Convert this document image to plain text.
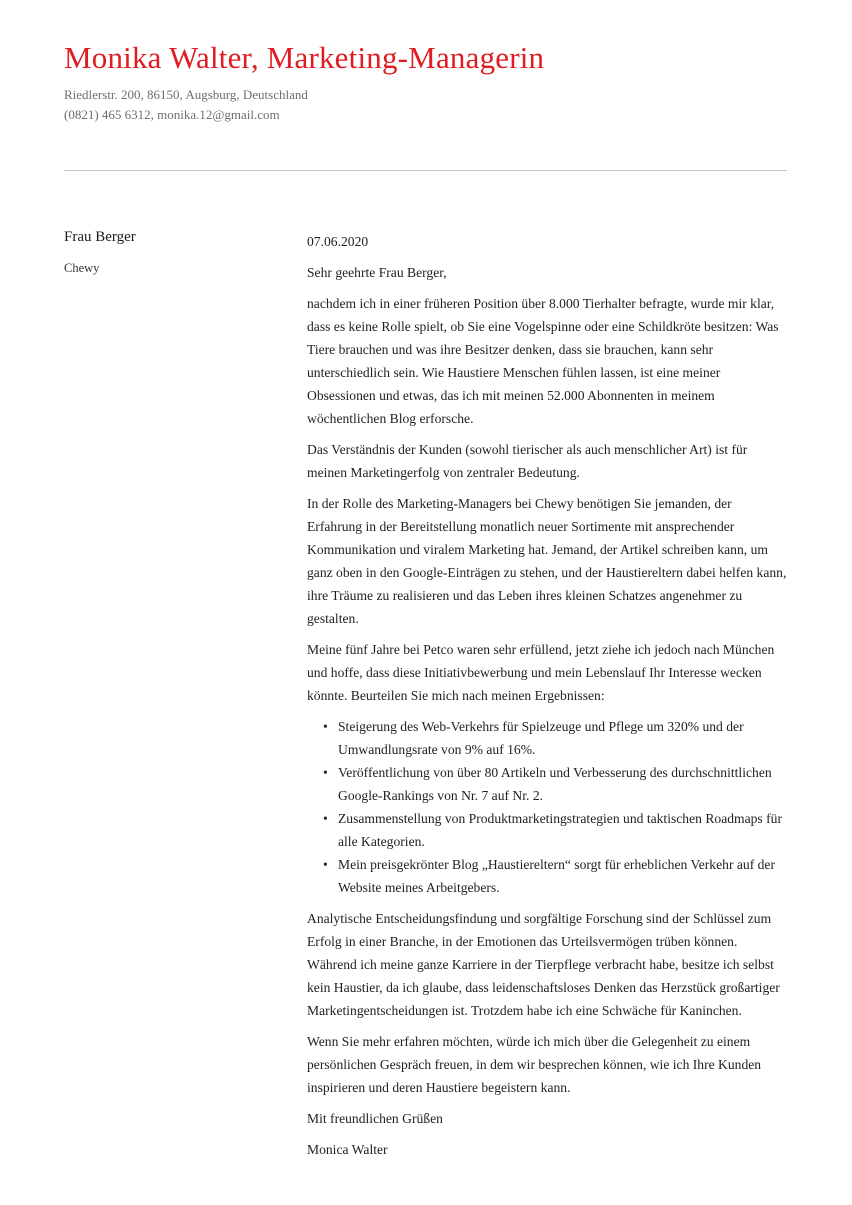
Monika Walter, Marketing-Managerin
Riedlerstr. 200, 86150, Augsburg, Deutschland
(0821) 465 6312, monika.12@gmail.com

Frau Berger

Chewy

07.06.2020

Sehr geehrte Frau Berger,

nachdem ich in einer früheren Position über 8.000 Tierhalter befragte, wurde mir klar, dass es keine Rolle spielt, ob Sie eine Vogelspinne oder eine Schildkröte besitzen: Was Tiere brauchen und was ihre Besitzer denken, dass sie brauchen, kann sehr unterschiedlich sein. Wie Haustiere Menschen fühlen lassen, ist eine meiner Obsessionen und etwas, das ich mit meinen 52.000 Abonnenten in meinem wöchentlichen Blog erforsche.

Das Verständnis der Kunden (sowohl tierischer als auch menschlicher Art) ist für meinen Marketingerfolg von zentraler Bedeutung.

In der Rolle des Marketing-Managers bei Chewy benötigen Sie jemanden, der Erfahrung in der Bereitstellung monatlich neuer Sortimente mit ansprechender Kommunikation und viralem Marketing hat. Jemand, der Artikel schreiben kann, um ganz oben in den Google-Einträgen zu stehen, und der Haustiereltern dabei helfen kann, ihre Träume zu realisieren und das Leben ihres kleinen Schatzes angenehmer zu gestalten.

Meine fünf Jahre bei Petco waren sehr erfüllend, jetzt ziehe ich jedoch nach München und hoffe, dass diese Initiativbewerbung und mein Lebenslauf Ihr Interesse wecken könnte. Beurteilen Sie mich nach meinen Ergebnissen:

• Steigerung des Web-Verkehrs für Spielzeuge und Pflege um 320% und der Umwandlungsrate von 9% auf 16%.
• Veröffentlichung von über 80 Artikeln und Verbesserung des durchschnittlichen Google-Rankings von Nr. 7 auf Nr. 2.
• Zusammenstellung von Produktmarketingstrategien und taktischen Roadmaps für alle Kategorien.
• Mein preisgekrönter Blog „Haustiereltern“ sorgt für erheblichen Verkehr auf der Website meines Arbeitgebers.

Analytische Entscheidungsfindung und sorgfältige Forschung sind der Schlüssel zum Erfolg in einer Branche, in der Emotionen das Urteilsvermögen trüben können. Während ich meine ganze Karriere in der Tierpflege verbracht habe, besitze ich selbst kein Haustier, da ich glaube, dass leidenschaftsloses Denken das Herzstück großartiger Marketingentscheidungen ist. Trotzdem habe ich eine Schwäche für Kaninchen.

Wenn Sie mehr erfahren möchten, würde ich mich über die Gelegenheit zu einem persönlichen Gespräch freuen, in dem wir besprechen können, wie ich Ihre Kunden inspirieren und deren Haustiere begeistern kann.

Mit freundlichen Grüßen

Monica Walter
